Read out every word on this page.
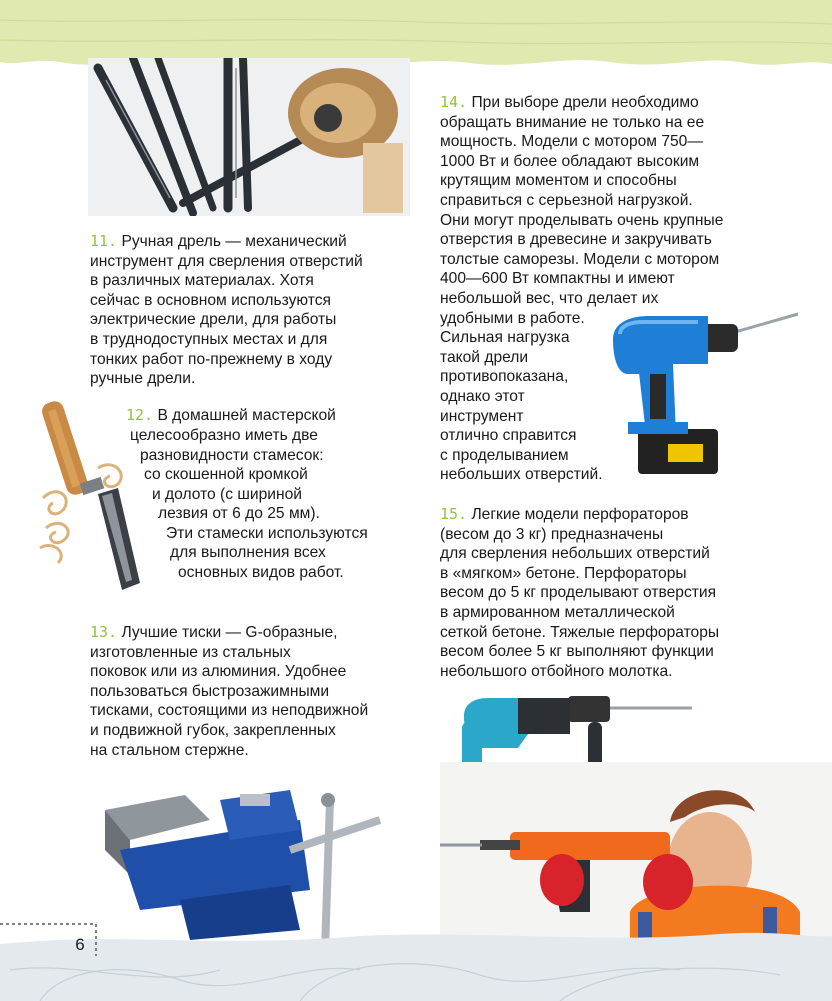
11. Ручная дрель — механический
инструмент для сверления отверстий
в различных материалах. Хотя
сейчас в основном используются
электрические дрели, для работы
в труднодоступных местах и для
тонких работ по-прежнему в ходу
ручные дрели.

12. В домашней мастерской
целесообразно иметь две
разновидности стамесок:
со скошенной кромкой
и долото (с шириной
лезвия от 6 до 25 мм).
Эти стамески используются
для выполнения всех
основных видов работ.

13. Лучшие тиски — G-образные,
изготовленные из стальных
поковок или из алюминия. Удобнее
пользоваться быстрозажимными
тисками, состоящими из неподвижной
и подвижной губок, закрепленных
на стальном стержне.

14. При выборе дрели необходимо
обращать внимание не только на ее
мощность. Модели с мотором 750—
1000 Вт и более обладают высоким
крутящим моментом и способны
справиться с серьезной нагрузкой.
Они могут проделывать очень крупные
отверстия в древесине и закручивать
толстые саморезы. Модели с мотором
400—600 Вт компактны и имеют
небольшой вес, что делает их
удобными в работе.
Сильная нагрузка
такой дрели
противопоказана,
однако этот
инструмент
отлично справится
с проделыванием
небольших отверстий.

15. Легкие модели перфораторов
(весом до 3 кг) предназначены
для сверления небольших отверстий
в «мягком» бетоне. Перфораторы
весом до 5 кг проделывают отверстия
в армированном металлической
сеткой бетоне. Тяжелые перфораторы
весом более 5 кг выполняют функции
небольшого отбойного молотка.

6
